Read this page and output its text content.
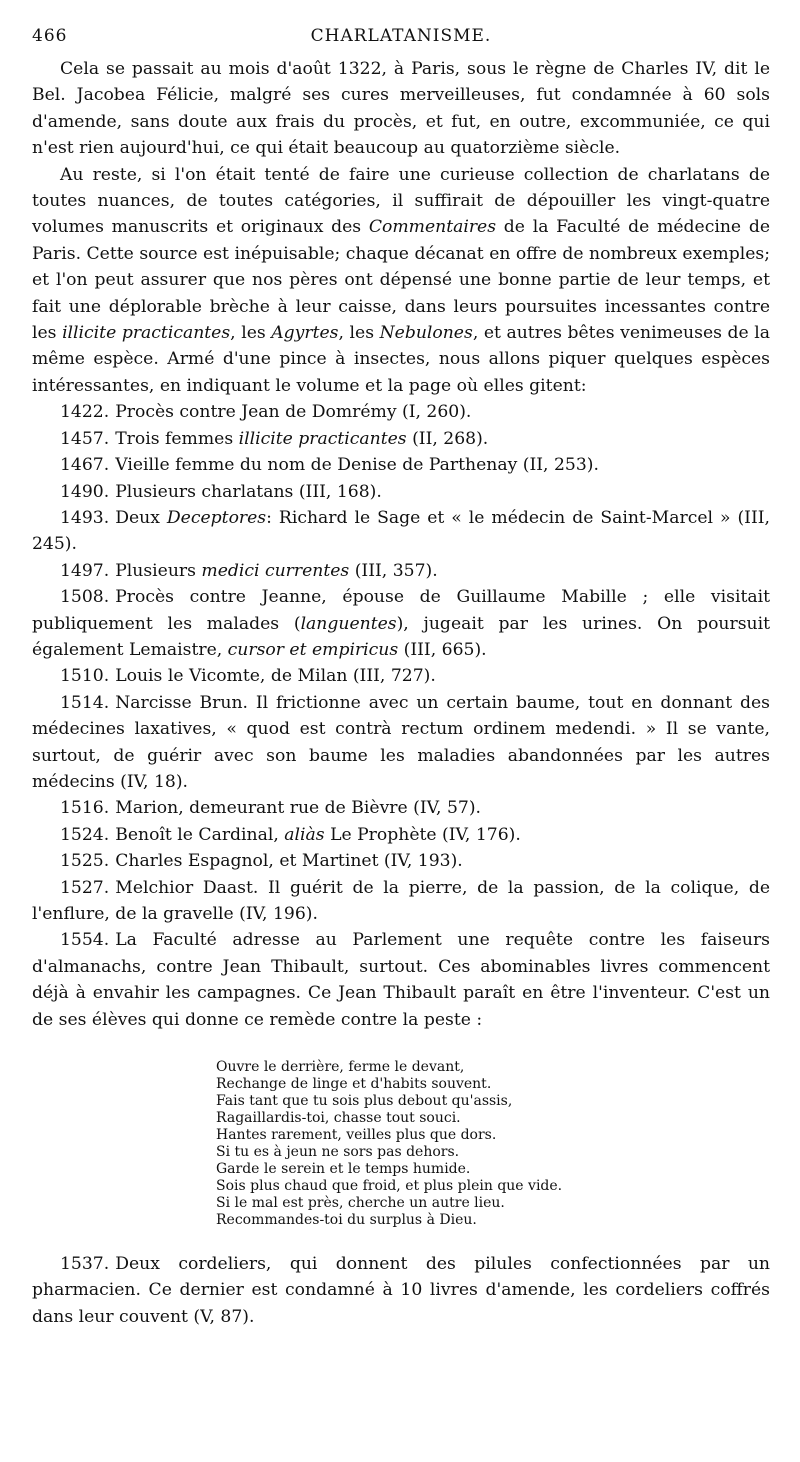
466	CHARLATANISME.

Cela se passait au mois d'août 1322, à Paris, sous le règne de Charles IV, dit le Bel. Jacobea Félicie, malgré ses cures merveilleuses, fut condamnée à 60 sols d'amende, sans doute aux frais du procès, et fut, en outre, excommuniée, ce qui n'est rien aujourd'hui, ce qui était beaucoup au quatorzième siècle.

Au reste, si l'on était tenté de faire une curieuse collection de charlatans de toutes nuances, de toutes catégories, il suffirait de dépouiller les vingt-quatre volumes manuscrits et originaux des Commentaires de la Faculté de médecine de Paris. Cette source est inépuisable; chaque décanat en offre de nombreux exemples; et l'on peut assurer que nos pères ont dépensé une bonne partie de leur temps, et fait une déplorable brèche à leur caisse, dans leurs poursuites incessantes contre les illicite practicantes, les Agyrtes, les Nebulones, et autres bêtes venimeuses de la même espèce. Armé d'une pince à insectes, nous allons piquer quelques espèces intéressantes, en indiquant le volume et la page où elles gitent:

1422. Procès contre Jean de Domrémy (I, 260).

1457. Trois femmes illicite practicantes (II, 268).

1467. Vieille femme du nom de Denise de Parthenay (II, 253).

1490. Plusieurs charlatans (III, 168).

1493. Deux Deceptores: Richard le Sage et « le médecin de Saint-Marcel » (III, 245).

1497. Plusieurs medici currentes (III, 357).

1508. Procès contre Jeanne, épouse de Guillaume Mabille ; elle visitait publiquement les malades (languentes), jugeait par les urines. On poursuit également Lemaistre, cursor et empiricus (III, 665).

1510. Louis le Vicomte, de Milan (III, 727).

1514. Narcisse Brun. Il frictionne avec un certain baume, tout en donnant des médecines laxatives, « quod est contrà rectum ordinem medendi. » Il se vante, surtout, de guérir avec son baume les maladies abandonnées par les autres médecins (IV, 18).

1516. Marion, demeurant rue de Bièvre (IV, 57).

1524. Benoît le Cardinal, aliàs Le Prophète (IV, 176).

1525. Charles Espagnol, et Martinet (IV, 193).

1527. Melchior Daast. Il guérit de la pierre, de la passion, de la colique, de l'enflure, de la gravelle (IV, 196).

1554. La Faculté adresse au Parlement une requête contre les faiseurs d'almanachs, contre Jean Thibault, surtout. Ces abominables livres commencent déjà à envahir les campagnes. Ce Jean Thibault paraît en être l'inventeur. C'est un de ses élèves qui donne ce remède contre la peste :

Ouvre le derrière, ferme le devant,
Rechange de linge et d'habits souvent.
Fais tant que tu sois plus debout qu'assis,
Ragaillardis-toi, chasse tout souci.
Hantes rarement, veilles plus que dors.
Si tu es à jeun ne sors pas dehors.
Garde le serein et le temps humide.
Sois plus chaud que froid, et plus plein que vide.
Si le mal est près, cherche un autre lieu.
Recommandes-toi du surplus à Dieu.

1537. Deux cordeliers, qui donnent des pilules confectionnées par un pharmacien. Ce dernier est condamné à 10 livres d'amende, les cordeliers coffrés dans leur couvent (V, 87).
